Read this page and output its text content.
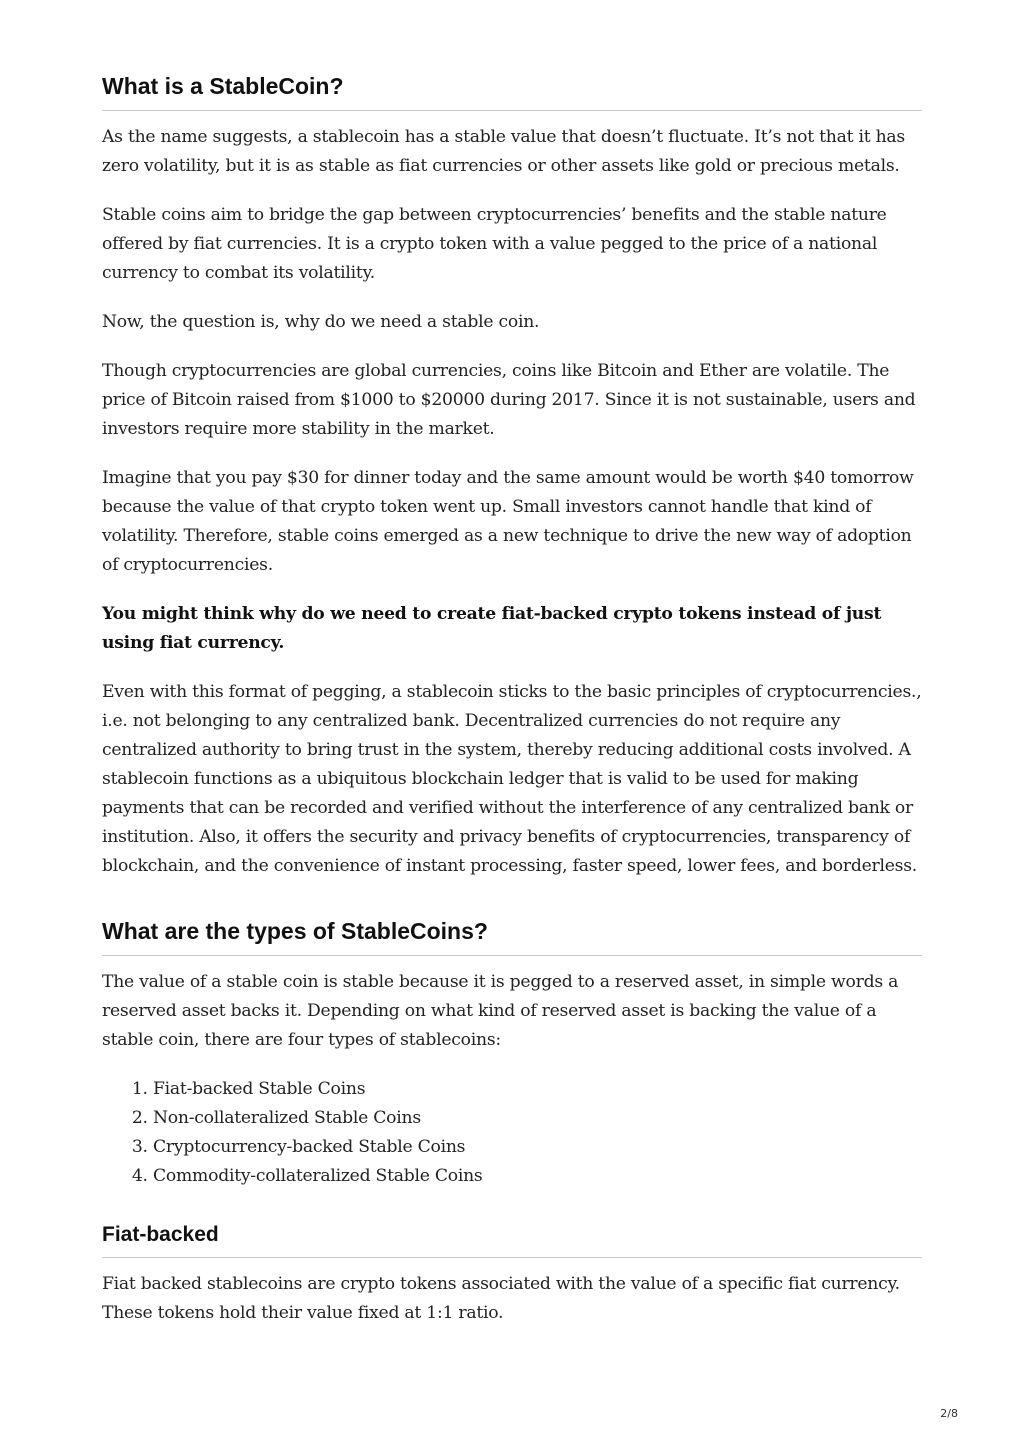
What is a StableCoin?

As the name suggests, a stablecoin has a stable value that doesn’t fluctuate. It’s not that it has zero volatility, but it is as stable as fiat currencies or other assets like gold or precious metals.

Stable coins aim to bridge the gap between cryptocurrencies’ benefits and the stable nature offered by fiat currencies. It is a crypto token with a value pegged to the price of a national currency to combat its volatility.

Now, the question is, why do we need a stable coin.

Though cryptocurrencies are global currencies, coins like Bitcoin and Ether are volatile. The price of Bitcoin raised from $1000 to $20000 during 2017. Since it is not sustainable, users and investors require more stability in the market.

Imagine that you pay $30 for dinner today and the same amount would be worth $40 tomorrow because the value of that crypto token went up. Small investors cannot handle that kind of volatility. Therefore, stable coins emerged as a new technique to drive the new way of adoption of cryptocurrencies.

You might think why do we need to create fiat-backed crypto tokens instead of just using fiat currency.

Even with this format of pegging, a stablecoin sticks to the basic principles of cryptocurrencies., i.e. not belonging to any centralized bank. Decentralized currencies do not require any centralized authority to bring trust in the system, thereby reducing additional costs involved. A stablecoin functions as a ubiquitous blockchain ledger that is valid to be used for making payments that can be recorded and verified without the interference of any centralized bank or institution. Also, it offers the security and privacy benefits of cryptocurrencies, transparency of blockchain, and the convenience of instant processing, faster speed, lower fees, and borderless.

What are the types of StableCoins?

The value of a stable coin is stable because it is pegged to a reserved asset, in simple words a reserved asset backs it. Depending on what kind of reserved asset is backing the value of a stable coin, there are four types of stablecoins:

1. Fiat-backed Stable Coins
2. Non-collateralized Stable Coins
3. Cryptocurrency-backed Stable Coins
4. Commodity-collateralized Stable Coins
Fiat-backed

Fiat backed stablecoins are crypto tokens associated with the value of a specific fiat currency. These tokens hold their value fixed at 1:1 ratio.

2/8
